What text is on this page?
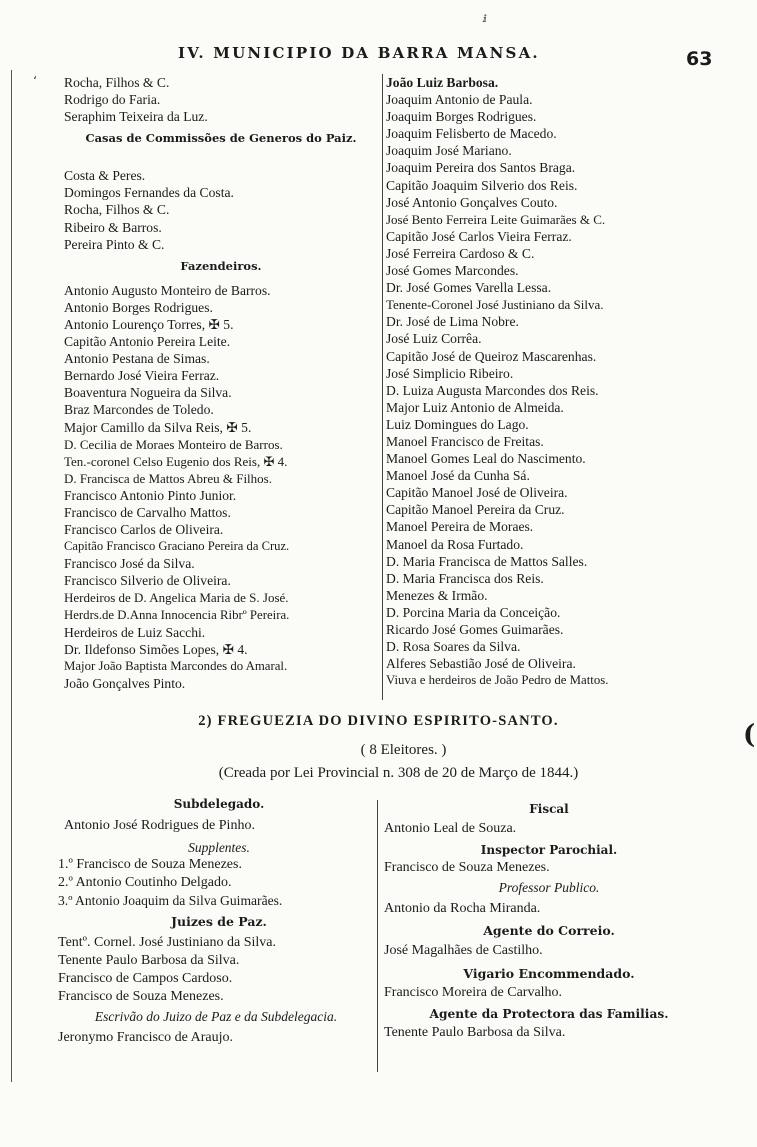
ⅈ
‘
(
IV. MUNICIPIO DA BARRA MANSA.	63
Rocha, Filhos & C.
Rodrigo do Faria.
Seraphim Teixeira da Luz.
Casas de Commissões de Generos do Paiz.
Costa & Peres.
Domingos Fernandes da Costa.
Rocha, Filhos & C.
Ribeiro & Barros.
Pereira Pinto & C.
Fazendeiros.
Antonio Augusto Monteiro de Barros.
Antonio Borges Rodrigues.
Antonio Lourenço Torres, ✠ 5.
Capitão Antonio Pereira Leite.
Antonio Pestana de Simas.
Bernardo José Vieira Ferraz.
Boaventura Nogueira da Silva.
Braz Marcondes de Toledo.
Major Camillo da Silva Reis, ✠ 5.
D. Cecilia de Moraes Monteiro de Barros.
Ten.-coronel Celso Eugenio dos Reis, ✠ 4.
D. Francisca de Mattos Abreu & Filhos.
Francisco Antonio Pinto Junior.
Francisco de Carvalho Mattos.
Francisco Carlos de Oliveira.
Capitão Francisco Graciano Pereira da Cruz.
Francisco José da Silva.
Francisco Silverio de Oliveira.
Herdeiros de D. Angelica Maria de S. José.
Herdrs.de D.Anna Innocencia Ribrº Pereira.
Herdeiros de Luiz Sacchi.
Dr. Ildefonso Simões Lopes, ✠ 4.
Major João Baptista Marcondes do Amaral.
João Gonçalves Pinto.
João Luiz Barbosa.
Joaquim Antonio de Paula.
Joaquim Borges Rodrigues.
Joaquim Felisberto de Macedo.
Joaquim José Mariano.
Joaquim Pereira dos Santos Braga.
Capitão Joaquim Silverio dos Reis.
José Antonio Gonçalves Couto.
José Bento Ferreira Leite Guimarães & C.
Capitão José Carlos Vieira Ferraz.
José Ferreira Cardoso & C.
José Gomes Marcondes.
Dr. José Gomes Varella Lessa.
Tenente-Coronel José Justiniano da Silva.
Dr. José de Lima Nobre.
José Luiz Corrêa.
Capitão José de Queiroz Mascarenhas.
José Simplicio Ribeiro.
D. Luiza Augusta Marcondes dos Reis.
Major Luiz Antonio de Almeida.
Luiz Domingues do Lago.
Manoel Francisco de Freitas.
Manoel Gomes Leal do Nascimento.
Manoel José da Cunha Sá.
Capitão Manoel José de Oliveira.
Capitão Manoel Pereira da Cruz.
Manoel Pereira de Moraes.
Manoel da Rosa Furtado.
D. Maria Francisca de Mattos Salles.
D. Maria Francisca dos Reis.
Menezes & Irmão.
D. Porcina Maria da Conceição.
Ricardo José Gomes Guimarães.
D. Rosa Soares da Silva.
Alferes Sebastião José de Oliveira.
Viuva e herdeiros de João Pedro de Mattos.
2) FREGUEZIA DO DIVINO ESPIRITO-SANTO.
( 8 Eleitores. )
(Creada por Lei Provincial n. 308 de 20 de Março de 1844.)
Subdelegado.
Antonio José Rodrigues de Pinho.
Supplentes.
1.º Francisco de Souza Menezes.
2.º Antonio Coutinho Delgado.
3.º Antonio Joaquim da Silva Guimarães.
Juizes de Paz.
Tentº. Cornel. José Justiniano da Silva.
Tenente Paulo Barbosa da Silva.
Francisco de Campos Cardoso.
Francisco de Souza Menezes.
Escrivão do Juizo de Paz e da Subdelegacia.
Jeronymo Francisco de Araujo.
Fiscal
Antonio Leal de Souza.
Inspector Parochial.
Francisco de Souza Menezes.
Professor Publico.
Antonio da Rocha Miranda.
Agente do Correio.
José Magalhães de Castilho.
Vigario Encommendado.
Francisco Moreira de Carvalho.
Agente da Protectora das Familias.
Tenente Paulo Barbosa da Silva.
